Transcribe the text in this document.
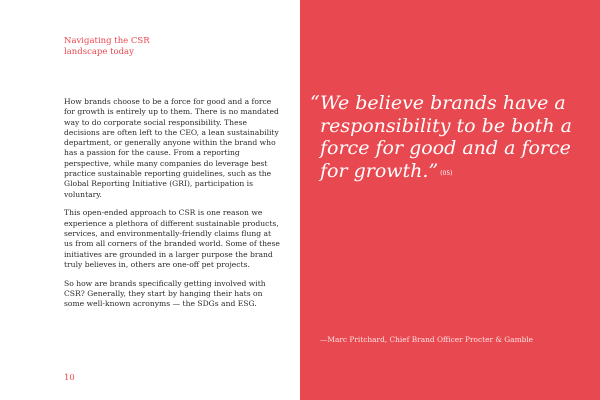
Navigating the CSR landscape today

How brands choose to be a force for good and a force for growth is entirely up to them. There is no mandated way to do corporate social responsibility. These decisions are often left to the CEO, a lean sustainability department, or generally anyone within the brand who has a passion for the cause. From a reporting perspective, while many companies do leverage best practice sustainable reporting guidelines, such as the Global Reporting Initiative (GRI), participation is voluntary.

This open-ended approach to CSR is one reason we experience a plethora of different sustainable products, services, and environmentally-friendly claims flung at us from all corners of the branded world. Some of these initiatives are grounded in a larger purpose the brand truly believes in, others are one-off pet projects.

So how are brands specifically getting involved with CSR? Generally, they start by hanging their hats on some well-known acronyms — the SDGs and ESG.

10
“ We believe brands have a responsibility to be both a force for good and a force for growth.” (05)
—Marc Pritchard, Chief Brand Officer Procter & Gamble
